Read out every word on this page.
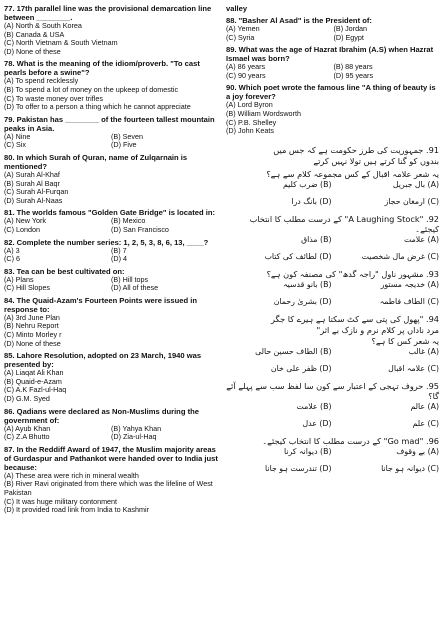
77. 17th parallel line was the provisional demarcation line between ________.
(A) North & South Korea
(B) Canada & USA
(C) North Vietnam & South Vietnam
(D) None of these
78. What is the meaning of the idiom/proverb. "To cast pearls before a swine"?
(A) To spend recklessly
(B) To spend a lot of money on the upkeep of domestic
(C) To waste money over trifles
(D) To offer to a person a thing which he cannot appreciate
79. Pakistan has ________ of the fourteen tallest mountain peaks in Asia.
(A) Nine	(B) Seven
(C) Six	(D) Five
80. In which Surah of Quran, name of Zulqarnain is mentioned?
(A) Surah Al-Khaf
(B) Surah Al Baqr
(C) Surah Al-Furqan
(D) Surah Al-Naas
81. The worlds famous "Golden Gate Bridge" is located in:
(A) New York	(B) Mexico
(C) London	(D) San Francisco
82. Complete the number series: 1, 2, 5, 3, 8, 6, 13, ____?
(A) 3	(B) 7
(C) 6	(D) 4
83. Tea can be best cultivated on:
(A) Plans	(B) Hill tops
(C) Hill Slopes	(D) All of these
84. The Quaid-Azam's Fourteen Points were issued in response to:
(A) 3rd June Plan
(B) Nehru Report
(C) Minto Morley r
(D) None of these
85. Lahore Resolution, adopted on 23 March, 1940 was presented by:
(A) Liaqat Ali Khan
(B) Quaid-e-Azam
(C) A.K Fazl-ul-Haq
(D) G.M. Syed
86. Qadians were declared as Non-Muslims during the government of:
(A) Ayub Khan	(B) Yahya Khan
(C) Z.A Bhutto	(D) Zia-ul-Haq
87. In the Reddiff Award of 1947, the Muslim majority areas of Gurdaspur and Pathankot were handed over to India just because:
(A) These area were rich in mineral wealth
(B) River Ravi originated from there which was the lifeline of West Pakistan
(C) It was huge military contonment
(D) It provided road link from India to Kashmir
valley
88. "Basher Al Asad" is the President of:
(A) Yemen	(B) Jordan
(C) Syria	(D) Egypt
89. What was the age of Hazrat Ibrahim (A.S) when Hazrat Ismael was born?
(A) 86 years	(B) 88 years
(C) 90 years	(D) 95 years
90. Which poet wrote the famous line "A thing of beauty is a joy forever?
(A) Lord Byron
(B) William Wordsworth
(C) P.B. Shelley
(D) John Keats
91. جمہوریت کی طرز حکومت ہے کہ جس میں
بندوں کو گنا کرتے ہیں تولا نہیں کرتے
یہ شعر علامہ اقبال کے کس مجموعہ کلام سے ہے؟
(A) بال جبریل
(B) ضرب کلیم
(C) ارمغان حجاز
(D) بانگ درا
92. "A Laughing Stock" کے درست مطلب کا انتخاب کیجئے۔
(A) علامت
(B) مذاق
(C) غرض مال شخصیت
(D) لطائف کی کتاب
93. مشہور ناول "راجہ گدھ" کی مصنفہ کون ہے؟
(A) خدیجہ مستور
(B) بانو قدسیہ
(C) الطاف فاطمہ
(D) بشریٰ رحمان
94. "پھول کی پتی سے کٹ سکتا ہے ہیرے کا جگر
مرد ناداں پر کلام نرم و نازک بے اثر"
یہ شعر کس کا ہے؟
(A) غالب
(B) الطاف حسین حالی
(C) علامہ اقبال
(D) ظفر علی خان
95. حروف تہجی کے اعتبار سے کون سا لفظ سب سے پہلے آئے گا؟
(A) عالم
(B) علامت
(C) علم
(D) عدل
96. "Go mad" کے درست مطلب کا انتخاب کیجئے۔
(A) بے وقوف
(B) دیوانہ کرنا
(C) دیوانہ ہو جانا
(D) تندرست ہو جانا
